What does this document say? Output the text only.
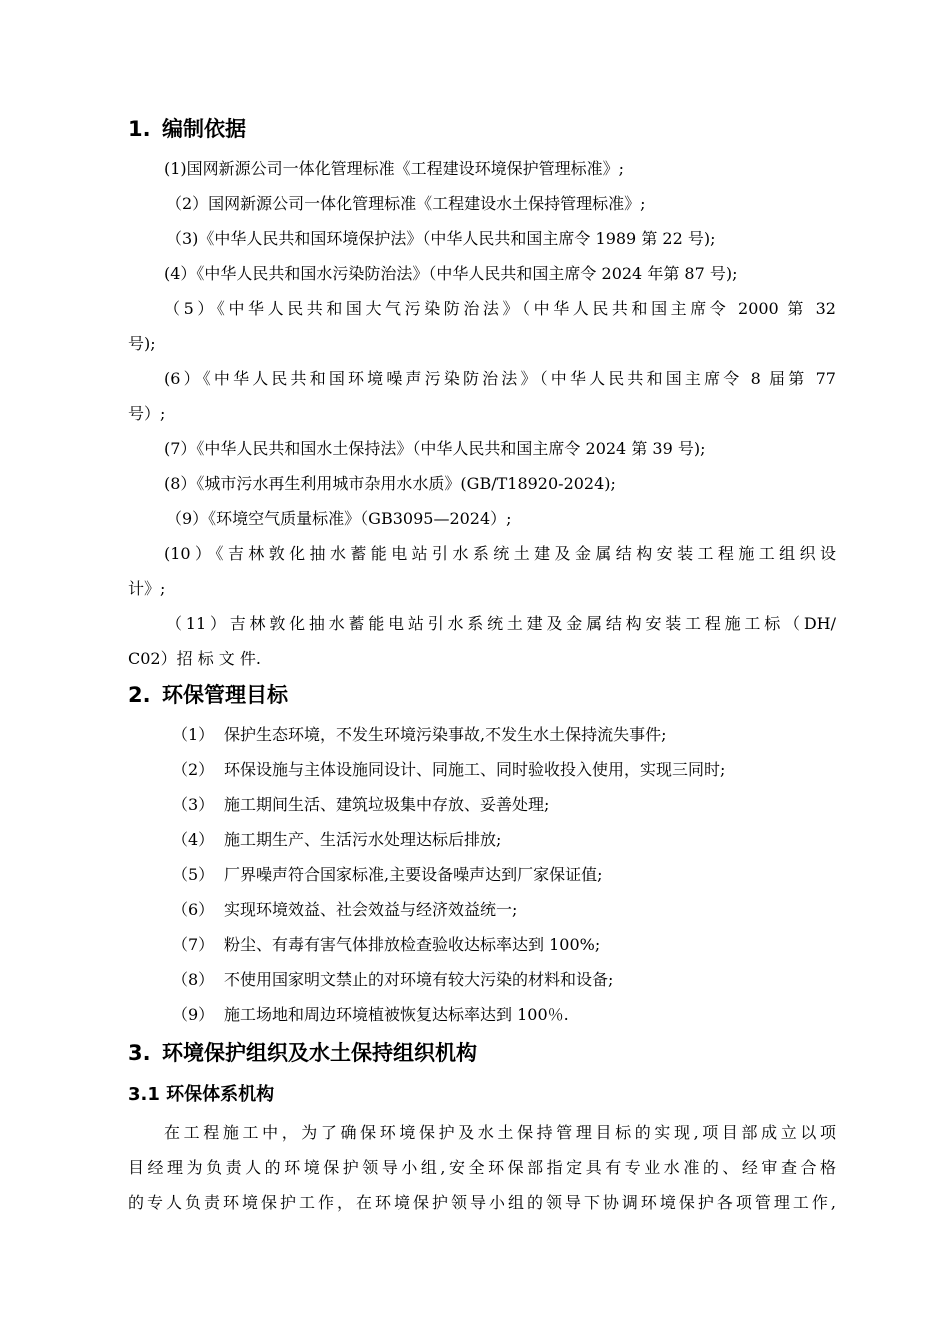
1. 编制依据
(1)国网新源公司一体化管理标准《工程建设环境保护管理标准》;
（2）国网新源公司一体化管理标准《工程建设水土保持管理标准》;
（3)《中华人民共和国环境保护法》（中华人民共和国主席令 1989 第 22 号);
(4）《中华人民共和国水污染防治法》（中华人民共和国主席令 2024 年第 87 号);
（5）《中华人民共和国大气污染防治法》（中华人民共和国主席令 2000 第 32
号);
(6）《中华人民共和国环境噪声污染防治法》（中华人民共和国主席令 8 届第 77
号）;
(7）《中华人民共和国水土保持法》（中华人民共和国主席令 2024 第 39 号);
(8）《城市污水再生利用城市杂用水水质》(GB/T18920-2024);
（9）《环境空气质量标准》（GB3095—2024）;
(10）《吉林敦化抽水蓄能电站引水系统土建及金属结构安装工程施工组织设
计》;
（11）吉林敦化抽水蓄能电站引水系统土建及金属结构安装工程施工标（DH/
C02）招 标 文 件.
2. 环保管理目标
（1） 保护生态环境，不发生环境污染事故,不发生水土保持流失事件;
（2） 环保设施与主体设施同设计、同施工、同时验收投入使用，实现三同时;
（3） 施工期间生活、建筑垃圾集中存放、妥善处理;
（4） 施工期生产、生活污水处理达标后排放;
（5） 厂界噪声符合国家标准,主要设备噪声达到厂家保证值;
（6） 实现环境效益、社会效益与经济效益统一;
（7） 粉尘、有毒有害气体排放检查验收达标率达到 100%;
（8） 不使用国家明文禁止的对环境有较大污染的材料和设备;
（9） 施工场地和周边环境植被恢复达标率达到 100％.
3. 环境保护组织及水土保持组织机构
3.1 环保体系机构
在工程施工中，为了确保环境保护及水土保持管理目标的实现,项目部成立以项
目经理为负责人的环境保护领导小组,安全环保部指定具有专业水准的、经审查合格
的专人负责环境保护工作，在环境保护领导小组的领导下协调环境保护各项管理工作,
